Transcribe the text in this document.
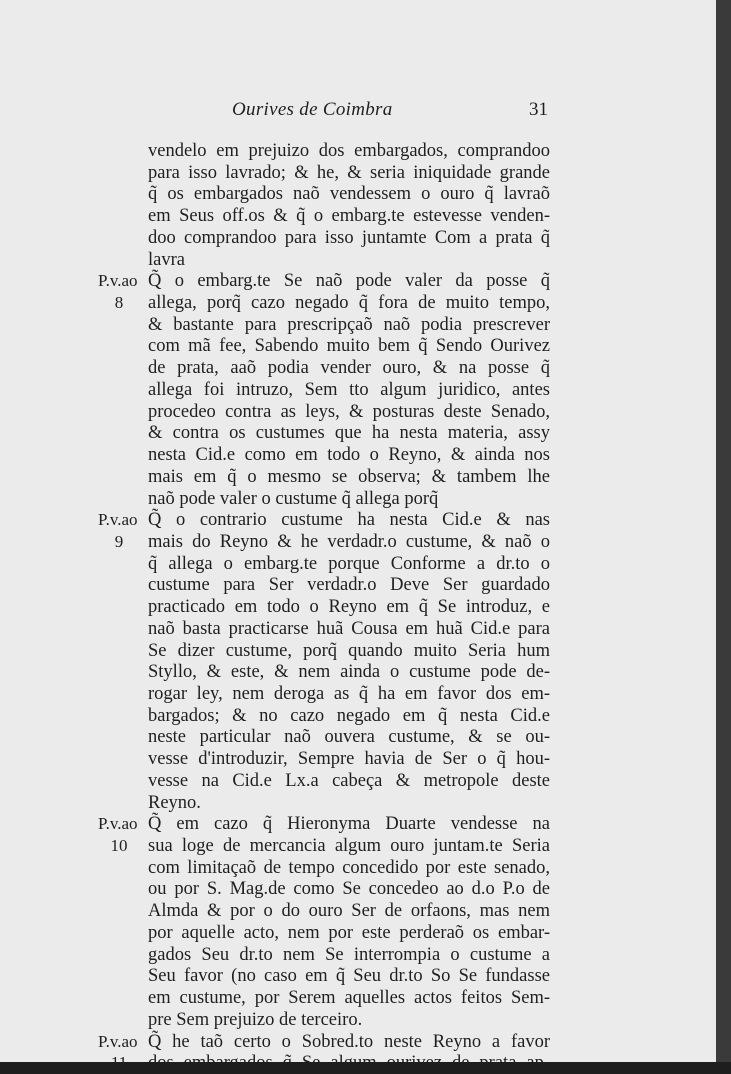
Ourives de Coimbra	31
P.v.ao
8
P.v.ao
9
P.v.ao
10
P.v.ao
11
vendelo em prejuizo dos embargados, comprandoo
para isso lavrado; & he, & seria iniquidade grande
q̃ os embargados naõ vendessem o ouro q̃ lavraõ
em Seus off.os & q̃ o embarg.te estevesse venden-
doo comprandoo para isso juntamte Com a prata q̃
lavra
Q̃ o embarg.te Se naõ pode valer da posse q̃
allega, porq̃ cazo negado q̃ fora de muito tempo,
& bastante para prescripçaõ naõ podia prescrever
com mã fee, Sabendo muito bem q̃ Sendo Ourivez
de prata, aaõ podia vender ouro, & na posse q̃
allega foi intruzo, Sem tto algum juridico, antes
procedeo contra as leys, & posturas deste Senado,
& contra os custumes que ha nesta materia, assy
nesta Cid.e como em todo o Reyno, & ainda nos
mais em q̃ o mesmo se observa; & tambem lhe
naõ pode valer o custume q̃ allega porq̃
Q̃ o contrario custume ha nesta Cid.e & nas
mais do Reyno & he verdadr.o custume, & naõ o
q̃ allega o embarg.te porque Conforme a dr.to o
custume para Ser verdadr.o Deve Ser guardado
practicado em todo o Reyno em q̃ Se introduz, e
naõ basta practicarse huã Cousa em huã Cid.e para
Se dizer custume, porq̃ quando muito Seria hum
Styllo, & este, & nem ainda o custume pode de-
rogar ley, nem deroga as q̃ ha em favor dos em-
bargados; & no cazo negado em q̃ nesta Cid.e
neste particular naõ ouvera custume, & se ou-
vesse d'introduzir, Sempre havia de Ser o q̃ hou-
vesse na Cid.e Lx.a cabeça & metropole deste
Reyno.
Q̃ em cazo q̃ Hieronyma Duarte vendesse na
sua loge de mercancia algum ouro juntam.te Seria
com limitaçaõ de tempo concedido por este senado,
ou por S. Mag.de como Se concedeo ao d.o P.o de
Almda & por o do ouro Ser de orfaons, mas nem
por aquelle acto, nem por este perderaõ os embar-
gados Seu dr.to nem Se interrompia o custume a
Seu favor (no caso em q̃ Seu dr.to So Se fundasse
em custume, por Serem aquelles actos feitos Sem-
pre Sem prejuizo de terceiro.
Q̃ he taõ certo o Sobred.to neste Reyno a favor
dos embargados q̃ Se algum ourivez de prata ap-
